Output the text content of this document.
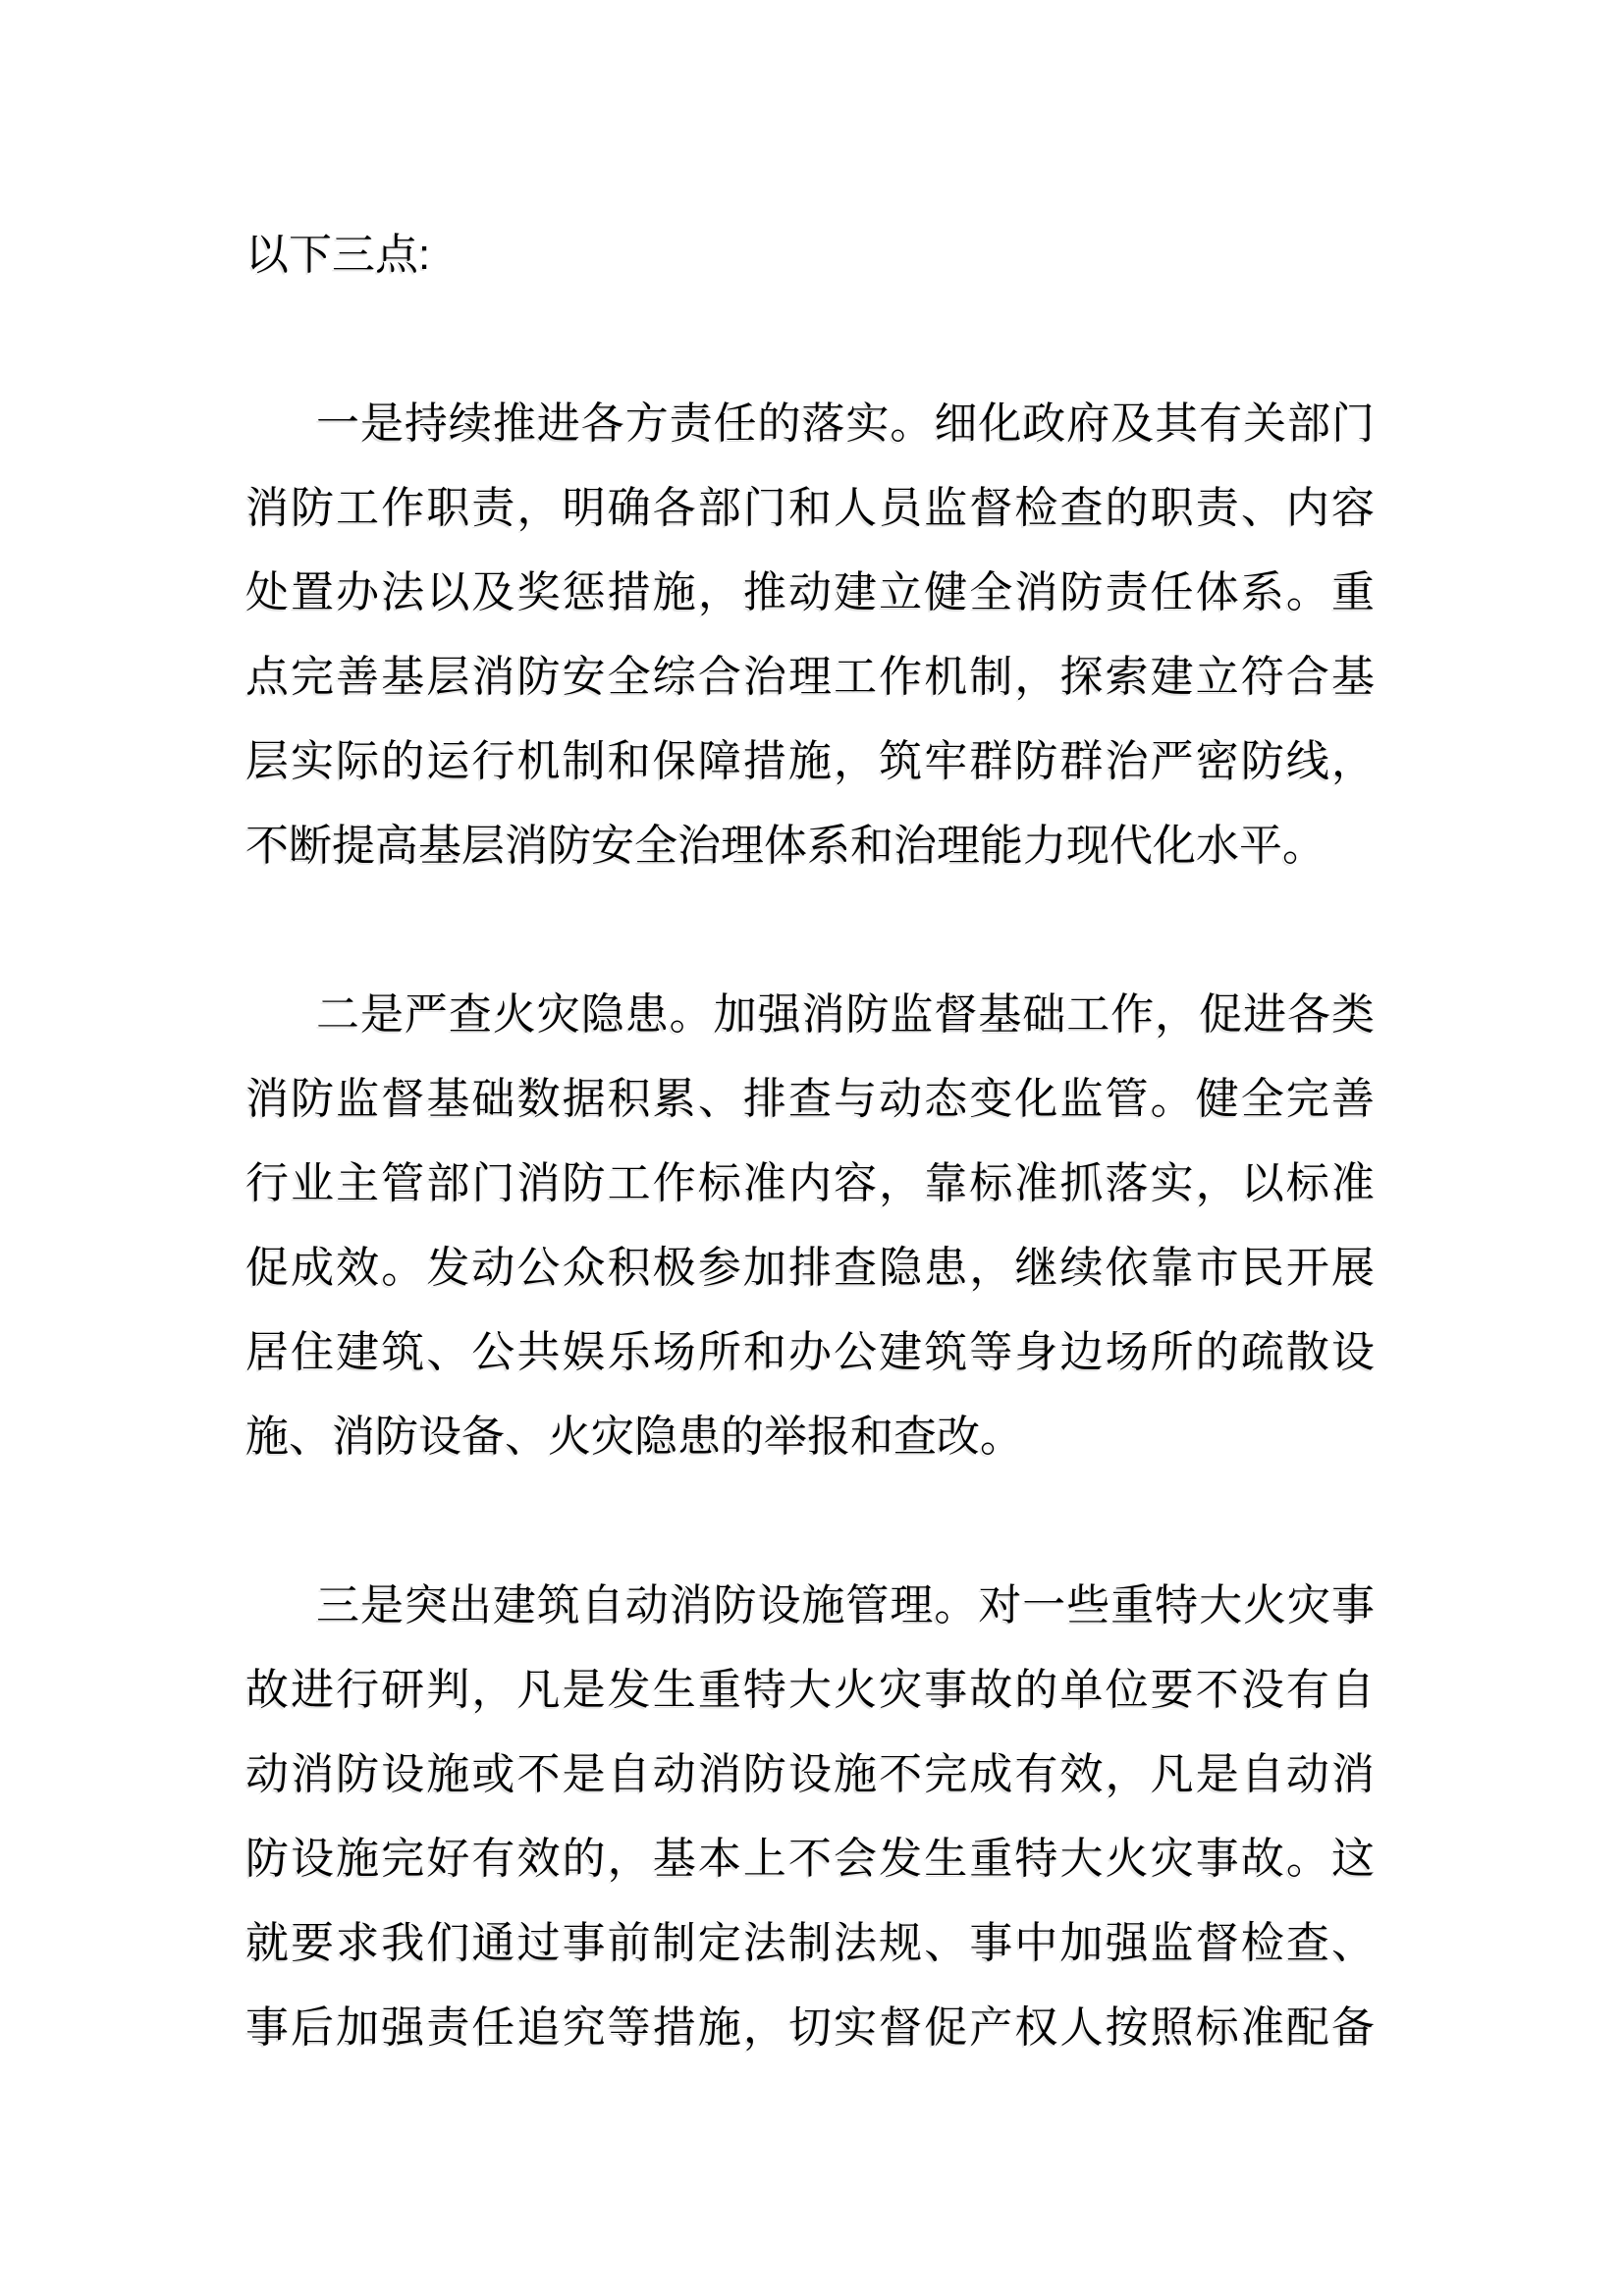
以下三点:
一是持续推进各方责任的落实。细化政府及其有关部门
消防工作职责，明确各部门和人员监督检查的职责、内容
处置办法以及奖惩措施，推动建立健全消防责任体系。重
点完善基层消防安全综合治理工作机制，探索建立符合基
层实际的运行机制和保障措施，筑牢群防群治严密防线，
不断提高基层消防安全治理体系和治理能力现代化水平。
二是严查火灾隐患。加强消防监督基础工作，促进各类
消防监督基础数据积累、排查与动态变化监管。健全完善
行业主管部门消防工作标准内容，靠标准抓落实，以标准
促成效。发动公众积极参加排查隐患，继续依靠市民开展
居住建筑、公共娱乐场所和办公建筑等身边场所的疏散设
施、消防设备、火灾隐患的举报和查改。
三是突出建筑自动消防设施管理。对一些重特大火灾事
故进行研判，凡是发生重特大火灾事故的单位要不没有自
动消防设施或不是自动消防设施不完成有效，凡是自动消
防设施完好有效的，基本上不会发生重特大火灾事故。这
就要求我们通过事前制定法制法规、事中加强监督检查、
事后加强责任追究等措施，切实督促产权人按照标准配备
